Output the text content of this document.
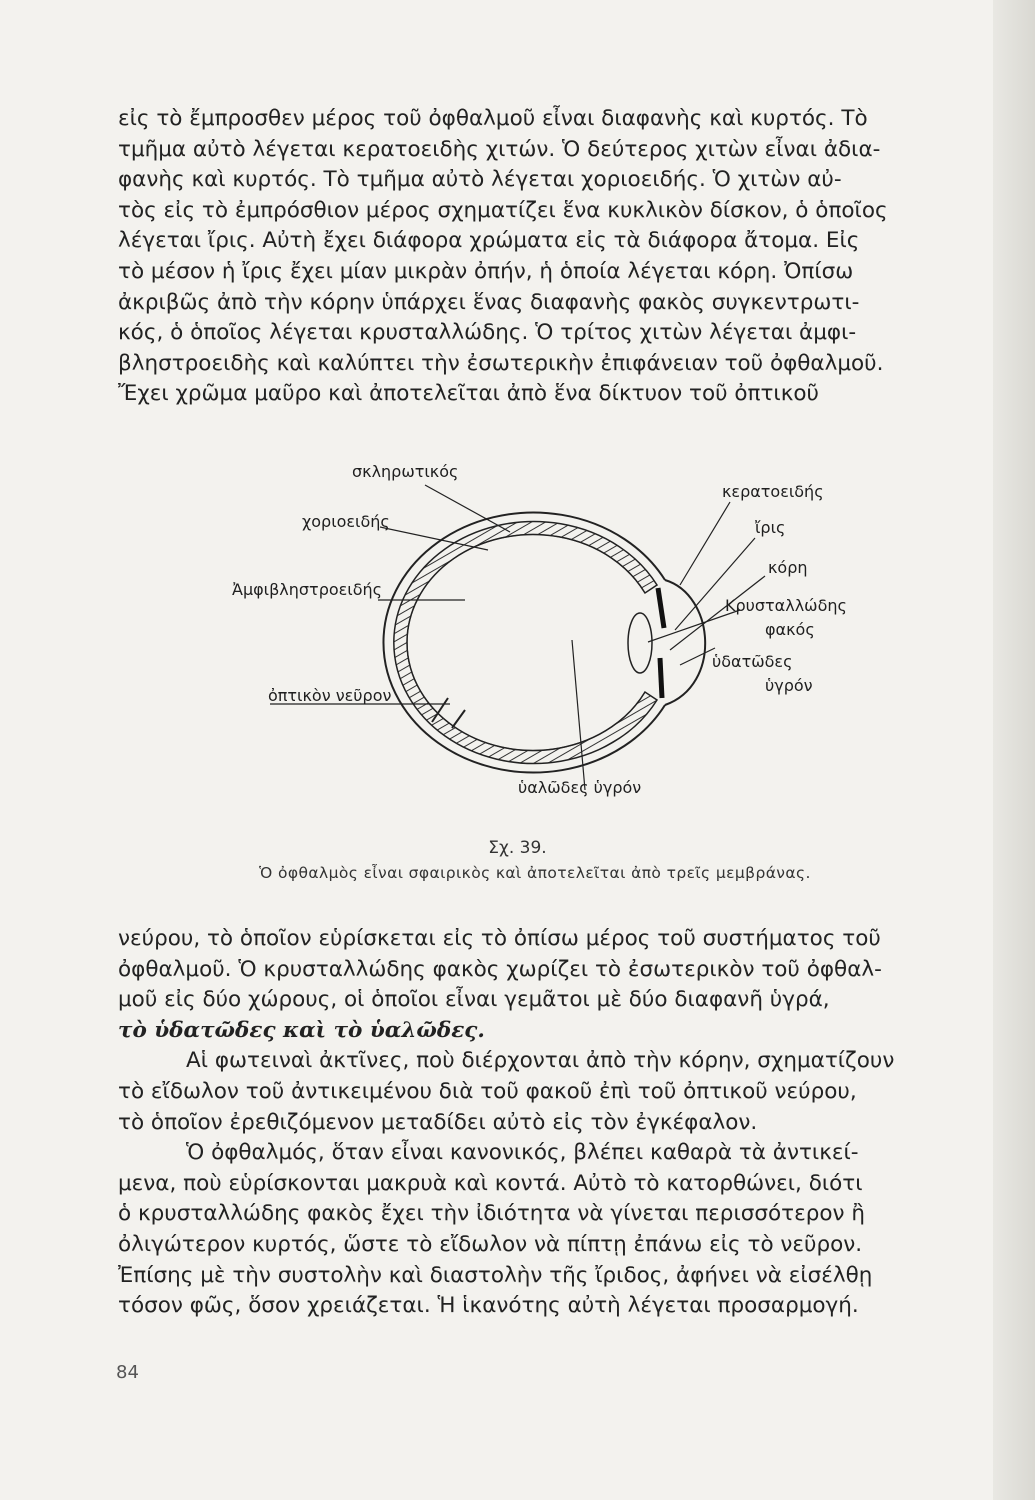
εἰς τὸ ἔμπροσθεν μέρος τοῦ ὀφθαλμοῦ εἶναι διαφανὴς καὶ κυρτός. Τὸ
τμῆμα αὐτὸ λέγεται κερατοειδὴς χιτών. Ὁ δεύτερος χιτὼν εἶναι ἀδια-
φανὴς καὶ κυρτός. Τὸ τμῆμα αὐτὸ λέγεται χοριοειδής. Ὁ χιτὼν αὐ-
τὸς εἰς τὸ ἐμπρόσθιον μέρος σχηματίζει ἕνα κυκλικὸν δίσκον, ὁ ὁποῖος
λέγεται ἴρις. Αὐτὴ ἔχει διάφορα χρώματα εἰς τὰ διάφορα ἄτομα. Εἰς
τὸ μέσον ἡ ἴρις ἔχει μίαν μικρὰν ὀπήν, ἡ ὁποία λέγεται κόρη. Ὀπίσω
ἀκριβῶς ἀπὸ τὴν κόρην ὑπάρχει ἕνας διαφανὴς φακὸς συγκεντρωτι-
κός, ὁ ὁποῖος λέγεται κρυσταλλώδης. Ὁ τρίτος χιτὼν λέγεται ἀμφι-
βληστροειδὴς καὶ καλύπτει τὴν ἐσωτερικὴν ἐπιφάνειαν τοῦ ὀφθαλμοῦ.
Ἔχει χρῶμα μαῦρο καὶ ἀποτελεῖται ἀπὸ ἕνα δίκτυον τοῦ ὀπτικοῦ
σκληρωτικός
χοριοειδής
Ἀμφιβληστροειδής
ὀπτικὸν νεῦρον
κερατοειδής
ἴρις
κόρη
Κρυσταλλώδης
φακός
ὑδατῶδες
ὑγρόν
ὑαλῶδες ὑγρόν
Σχ. 39.
Ὁ ὀφθαλμὸς εἶναι σφαιρικὸς καὶ ἀποτελεῖται ἀπὸ τρεῖς μεμβράνας.
νεύρου, τὸ ὁποῖον εὑρίσκεται εἰς τὸ ὀπίσω μέρος τοῦ συστήματος τοῦ
ὀφθαλμοῦ. Ὁ κρυσταλλώδης φακὸς χωρίζει τὸ ἐσωτερικὸν τοῦ ὀφθαλ-
μοῦ εἰς δύο χώρους, οἱ ὁποῖοι εἶναι γεμᾶτοι μὲ δύο διαφανῆ ὑγρά,
τὸ ὑδατῶδες καὶ τὸ ὑαλῶδες.
Αἱ φωτειναὶ ἀκτῖνες, ποὺ διέρχονται ἀπὸ τὴν κόρην, σχηματίζουν
τὸ εἴδωλον τοῦ ἀντικειμένου διὰ τοῦ φακοῦ ἐπὶ τοῦ ὀπτικοῦ νεύρου,
τὸ ὁποῖον ἐρεθιζόμενον μεταδίδει αὐτὸ εἰς τὸν ἐγκέφαλον.
Ὁ ὀφθαλμός, ὅταν εἶναι κανονικός, βλέπει καθαρὰ τὰ ἀντικεί-
μενα, ποὺ εὑρίσκονται μακρυὰ καὶ κοντά. Αὐτὸ τὸ κατορθώνει, διότι
ὁ κρυσταλλώδης φακὸς ἔχει τὴν ἰδιότητα νὰ γίνεται περισσότερον ἢ
ὀλιγώτερον κυρτός, ὥστε τὸ εἴδωλον νὰ πίπτῃ ἐπάνω εἰς τὸ νεῦρον.
Ἐπίσης μὲ τὴν συστολὴν καὶ διαστολὴν τῆς ἴριδος, ἀφήνει νὰ εἰσέλθῃ
τόσον φῶς, ὅσον χρειάζεται. Ἡ ἱκανότης αὐτὴ λέγεται προσαρμογή.
84
